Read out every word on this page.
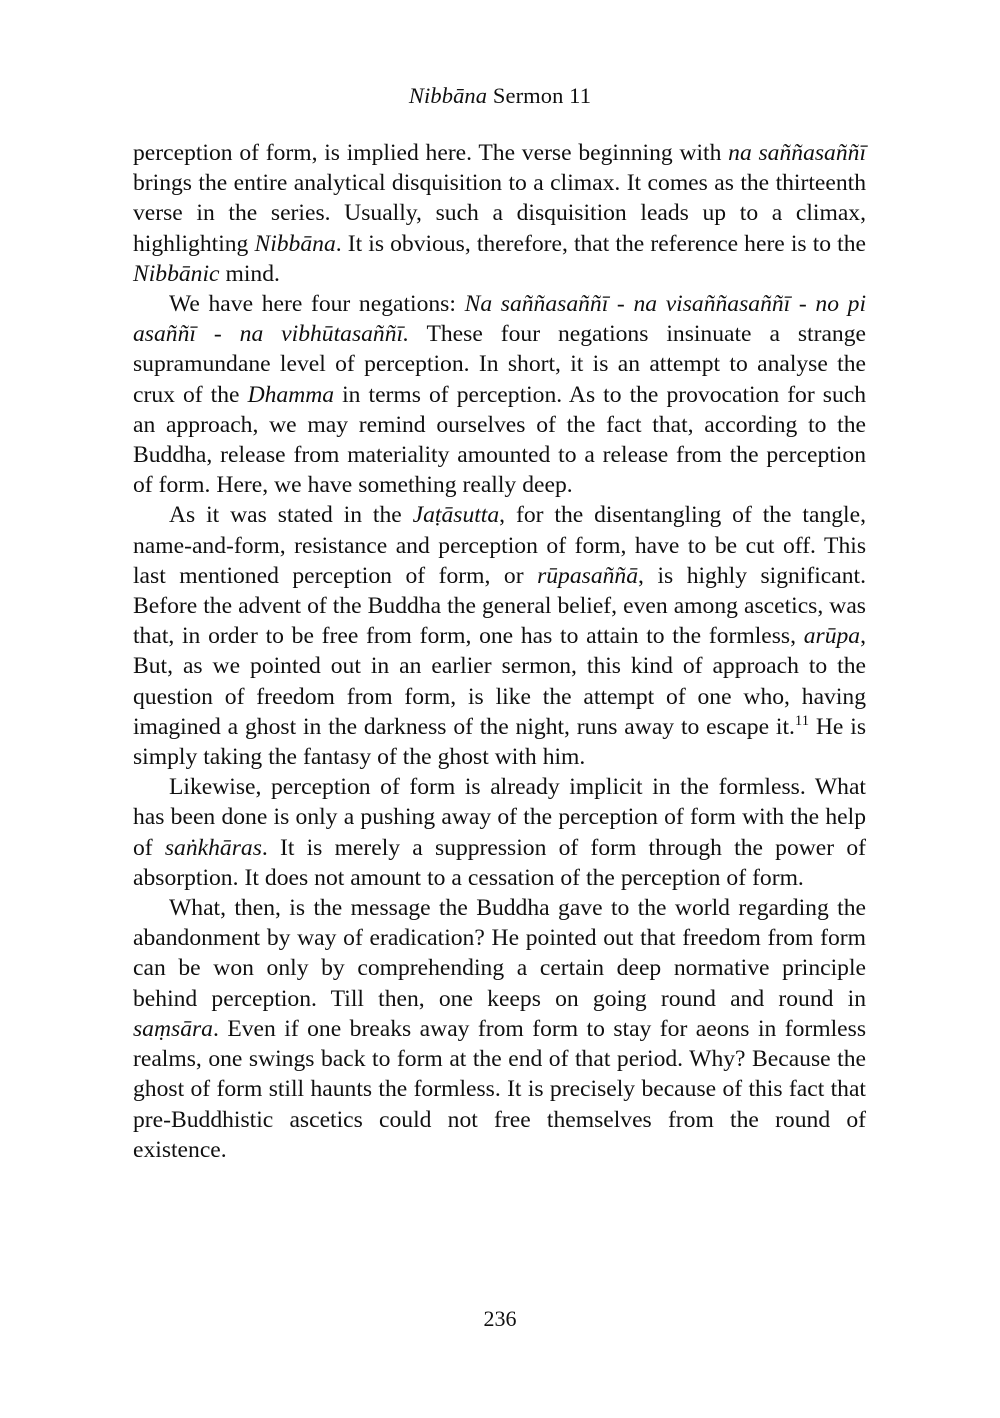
Nibbāna Sermon 11

perception of form, is implied here. The verse beginning with na saññasaññī brings the entire analytical disquisition to a climax. It comes as the thirteenth verse in the series. Usually, such a disquisition leads up to a climax, highlighting Nibbāna. It is obvious, therefore, that the reference here is to the Nibbānic mind.

We have here four negations: Na saññasaññī - na visaññasaññī - no pi asaññī - na vibhūtasaññī. These four negations insinuate a strange supramundane level of perception. In short, it is an attempt to analyse the crux of the Dhamma in terms of perception. As to the provocation for such an approach, we may remind ourselves of the fact that, according to the Buddha, release from materiality amounted to a release from the perception of form. Here, we have something really deep.

As it was stated in the Jaṭāsutta, for the disentangling of the tangle, name-and-form, resistance and perception of form, have to be cut off. This last mentioned perception of form, or rūpasaññā, is highly significant. Before the advent of the Buddha the general belief, even among ascetics, was that, in order to be free from form, one has to attain to the formless, arūpa, But, as we pointed out in an earlier sermon, this kind of approach to the question of freedom from form, is like the attempt of one who, having imagined a ghost in the darkness of the night, runs away to escape it.$^{11}$ He is simply taking the fantasy of the ghost with him.

Likewise, perception of form is already implicit in the formless. What has been done is only a pushing away of the perception of form with the help of saṅkhāras. It is merely a suppression of form through the power of absorption. It does not amount to a cessation of the perception of form.

What, then, is the message the Buddha gave to the world regarding the abandonment by way of eradication? He pointed out that freedom from form can be won only by comprehending a certain deep normative principle behind perception. Till then, one keeps on going round and round in saṃsāra. Even if one breaks away from form to stay for aeons in formless realms, one swings back to form at the end of that period. Why? Because the ghost of form still haunts the formless. It is precisely because of this fact that pre-Buddhistic ascetics could not free themselves from the round of existence.

236
